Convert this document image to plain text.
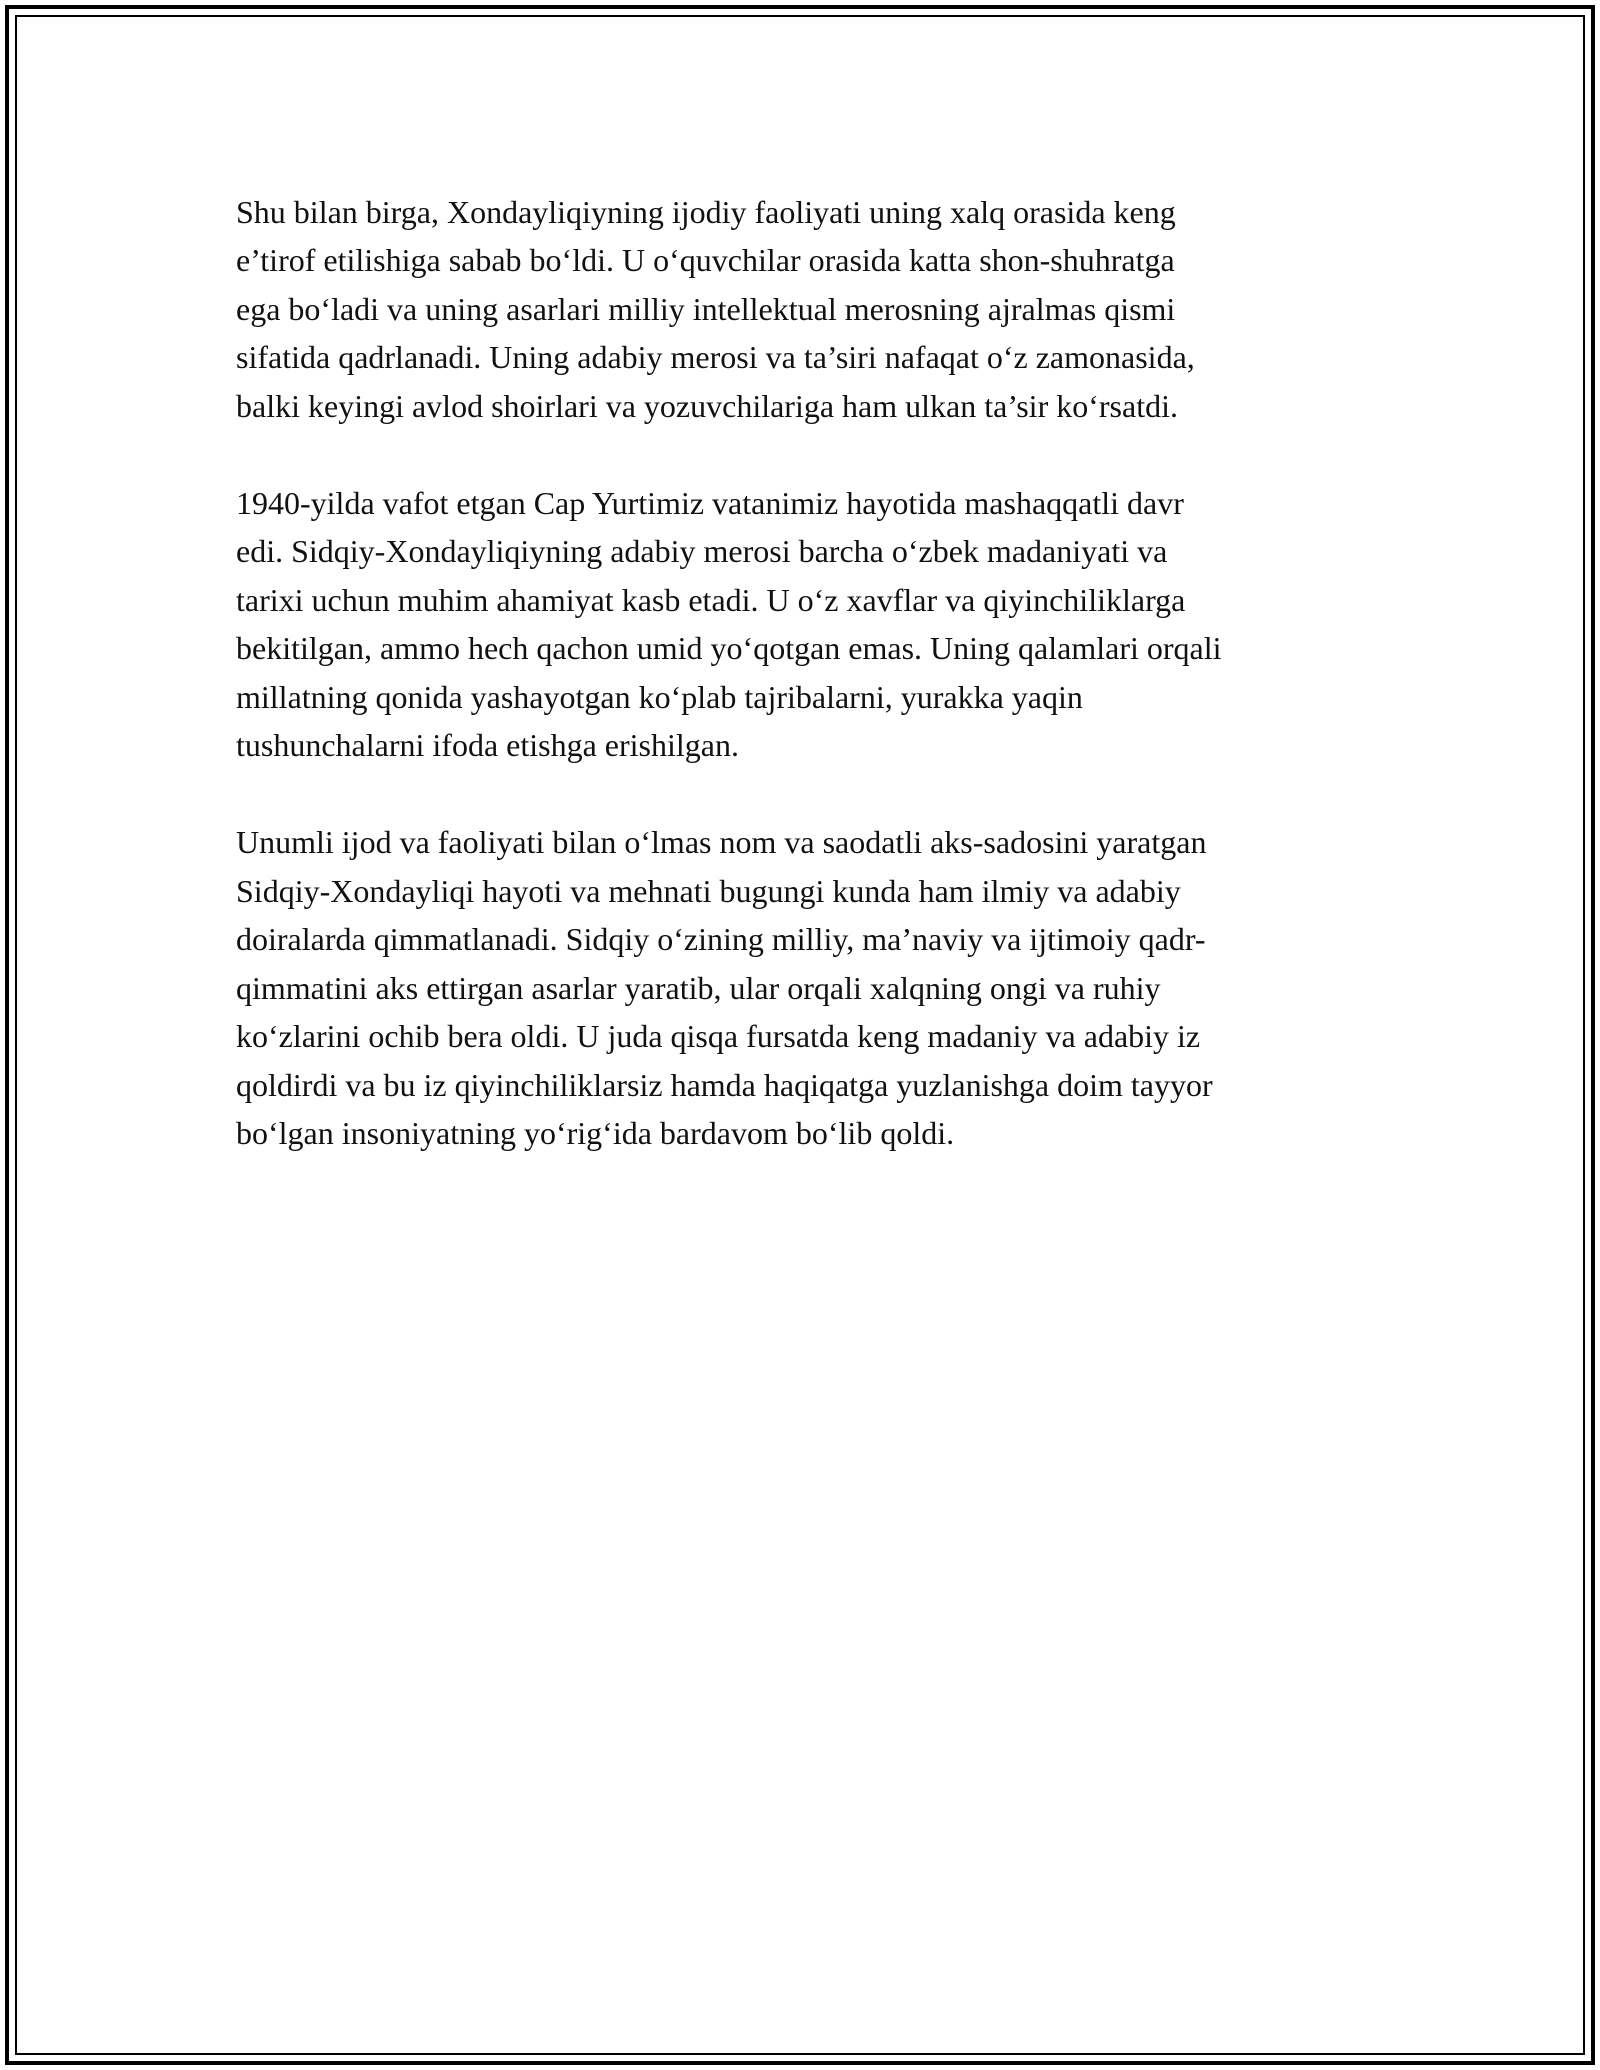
Shu bilan birga, Xondayliqiyning ijodiy faoliyati uning xalq orasida keng
e’tirof etilishiga sabab bo‘ldi. U o‘quvchilar orasida katta shon-shuhratga
ega bo‘ladi va uning asarlari milliy intellektual merosning ajralmas qismi
sifatida qadrlanadi. Uning adabiy merosi va ta’siri nafaqat o‘z zamonasida,
balki keyingi avlod shoirlari va yozuvchilariga ham ulkan ta’sir ko‘rsatdi.

1940-yilda vafot etgan Cap Yurtimiz vatanimiz hayotida mashaqqatli davr
edi. Sidqiy-Xondayliqiyning adabiy merosi barcha o‘zbek madaniyati va
tarixi uchun muhim ahamiyat kasb etadi. U o‘z xavflar va qiyinchiliklarga
bekitilgan, ammo hech qachon umid yo‘qotgan emas. Uning qalamlari orqali
millatning qonida yashayotgan ko‘plab tajribalarni, yurakka yaqin
tushunchalarni ifoda etishga erishilgan.

Unumli ijod va faoliyati bilan o‘lmas nom va saodatli aks-sadosini yaratgan
Sidqiy-Xondayliqi hayoti va mehnati bugungi kunda ham ilmiy va adabiy
doiralarda qimmatlanadi. Sidqiy o‘zining milliy, ma’naviy va ijtimoiy qadr-
qimmatini aks ettirgan asarlar yaratib, ular orqali xalqning ongi va ruhiy
ko‘zlarini ochib bera oldi. U juda qisqa fursatda keng madaniy va adabiy iz
qoldirdi va bu iz qiyinchiliklarsiz hamda haqiqatga yuzlanishga doim tayyor
bo‘lgan insoniyatning yo‘rig‘ida bardavom bo‘lib qoldi.
